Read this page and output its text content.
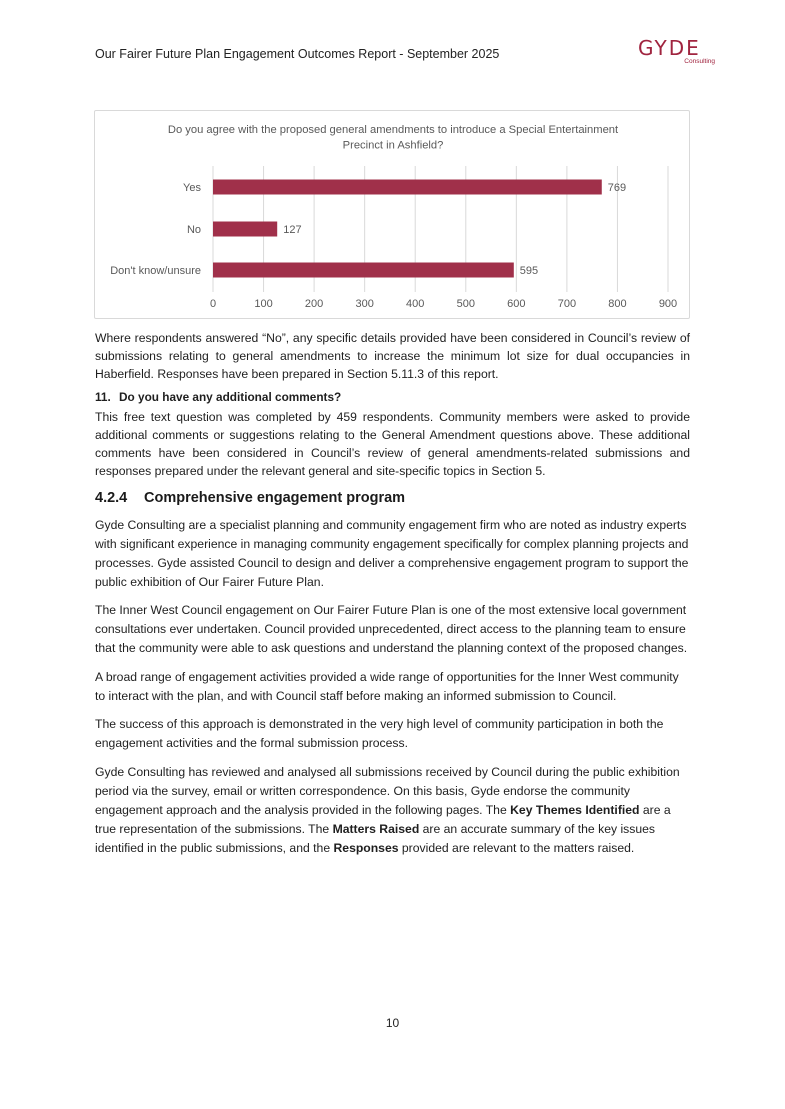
Our Fairer Future Plan Engagement Outcomes Report - September 2025	GYDE
Consulting
Do you agree with the proposed general amendments to introduce a Special Entertainment
Precinct in Ashfield?
0	100	200	300	400	500	600	700	800	900
Yes	769
No	127
Don't know/unsure	595

Where respondents answered “No”, any specific details provided have been considered in Council’s review of submissions relating to general amendments to increase the minimum lot size for dual occupancies in Haberfield. Responses have been prepared in Section 5.11.3 of this report.

11. Do you have any additional comments?

This free text question was completed by 459 respondents. Community members were asked to provide additional comments or suggestions relating to the General Amendment questions above. These additional comments have been considered in Council’s review of general amendments-related submissions and responses prepared under the relevant general and site-specific topics in Section 5.

4.2.4 Comprehensive engagement program

Gyde Consulting are a specialist planning and community engagement firm who are noted as industry experts with significant experience in managing community engagement specifically for complex planning projects and processes. Gyde assisted Council to design and deliver a comprehensive engagement program to support the public exhibition of Our Fairer Future Plan.

The Inner West Council engagement on Our Fairer Future Plan is one of the most extensive local government consultations ever undertaken. Council provided unprecedented, direct access to the planning team to ensure that the community were able to ask questions and understand the planning context of the proposed changes.

A broad range of engagement activities provided a wide range of opportunities for the Inner West community to interact with the plan, and with Council staff before making an informed submission to Council.

The success of this approach is demonstrated in the very high level of community participation in both the engagement activities and the formal submission process.

Gyde Consulting has reviewed and analysed all submissions received by Council during the public exhibition period via the survey, email or written correspondence. On this basis, Gyde endorse the community engagement approach and the analysis provided in the following pages. The Key Themes Identified are a true representation of the submissions. The Matters Raised are an accurate summary of the key issues identified in the public submissions, and the Responses provided are relevant to the matters raised.

10
